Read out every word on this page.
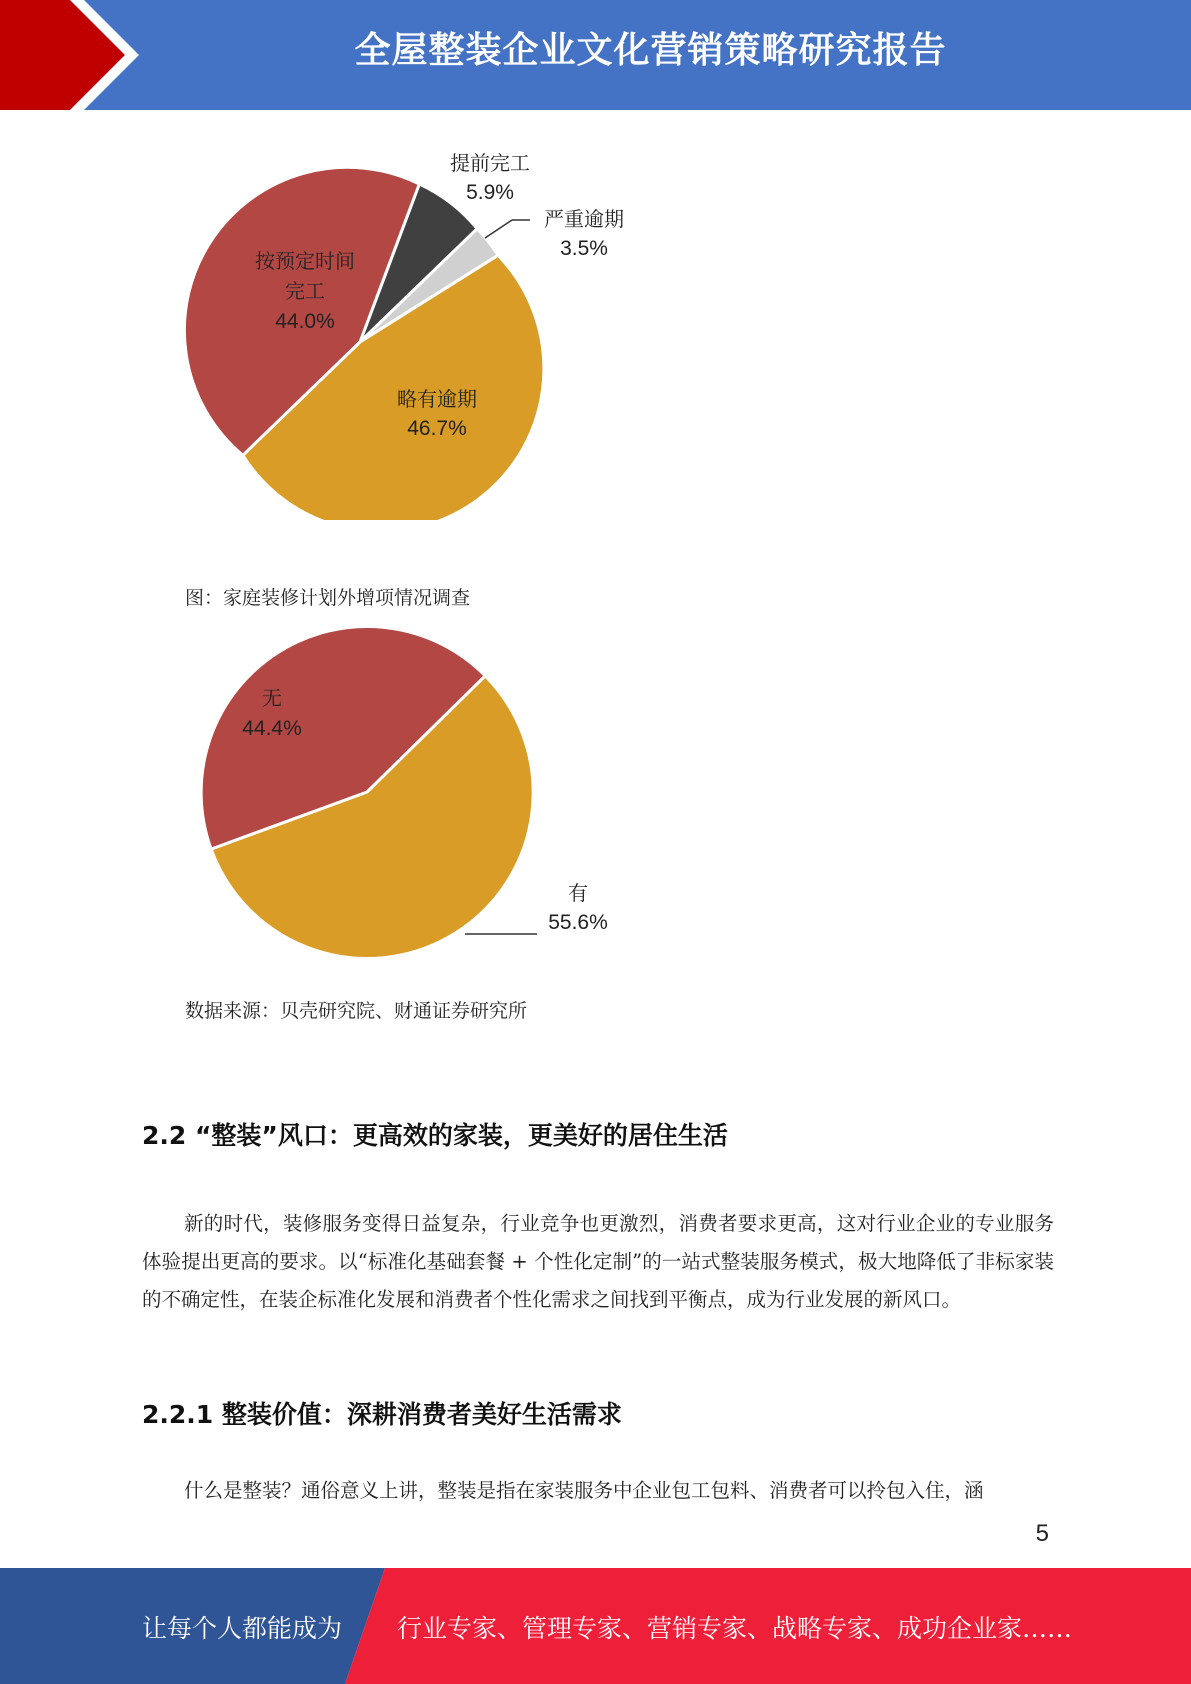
全屋整装企业文化营销策略研究报告
提前完工
5.9%
严重逾期
3.5%
按预定时间
完工
44.0%
略有逾期
46.7%
图：家庭装修计划外增项情况调查
无
44.4%
有
55.6%
数据来源：贝壳研究院、财通证券研究所
2.2 “整装”风口：更高效的家装，更美好的居住生活
新的时代，装修服务变得日益复杂，行业竞争也更激烈，消费者要求更高，这对行业企业的专业服务体验提出更高的要求。以“标准化基础套餐 + 个性化定制”的一站式整装服务模式，极大地降低了非标家装的不确定性，在装企标准化发展和消费者个性化需求之间找到平衡点，成为行业发展的新风口。
2.2.1 整装价值：深耕消费者美好生活需求
什么是整装？通俗意义上讲，整装是指在家装服务中企业包工包料、消费者可以拎包入住，涵
5
让每个人都能成为 行业专家、管理专家、营销专家、战略专家、成功企业家……
